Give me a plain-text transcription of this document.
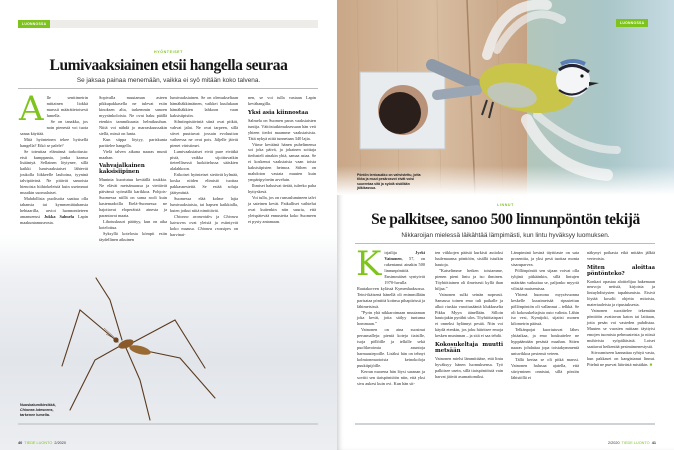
LUONNOSSA
HYÖNTEISET
Lumivaaksiainen etsii hangella seuraa
Se jaksaa painaa menemään, vaikka ei syö mitään koko talvena.
Nuoskalumikirsikkä,
Chionea lutescens,
tarkenee lumella.
40 TIEDE LUONTO 2/2020
A lle senttimetrin mittainen liokkä marssii määrätietoisesti lumella.

Se on tanakka, jos noin pienestä voi tuota sanaa käyttää.

Mitä hyönteinen tekee hytisellä hangella? Eikö se palele?

Se toteuttaa elämänsä tarkoitusta: etsii kumppania, jonka kanssa lisääntyä. Sellainen löytynee, sillä kaikki lumivaaksiaiset lähtevät joukolla liikkeelle lauhoina, tyyninä talvipäivinä. Ne pitävät samoista hienoista hiihtokeleistä kuin useimmat muutkin suomalaiset.

Mahdollisia puolisoita saattaa olla tahansia tai kymmeniätuhansia hehtaarilla, arvioi luonnontieteen amanuenssi Jukka Salmela Lapin maakuntamuseosta.

Sopivalla muutaman asteen pikkupakkasella ne tulevat esiin kinoksen alta, tarkemmin sanoen myyränkoloista. Ne ovat haku päällä etenkin tammikuusta helmikuuhun. Niitä voi nähdä jo marraskuussakin siellä, missä on lunta.

Kun siippa löytyy, pariskunta parittelee hangella.

Vielä talven aikana naaras munii maahan.

Vahvajalkainen kaksisiipinen

Muninta kuoriutuu keväällä toukkia. Ne elävät metsämaassa ja viettävät päivänsä syömällä karikkoa. Pohjois-Suomessa niillä on sama rooli kuin kastemadoilla Etelä-Suomessa: ne hajottavat eloperäistä ainesta ja parantavat maata.

Lihotuskuuri päättyy, kun on aika kotelottua.

Syksyllä kotelosta kömpii esiin täydellinen aikuinen

lumivaaksiainen. Se on olemukseltaan hämähäkkimäinen, vaikkei kuulukaan hämähäkkien lahkoon vaan kaksisiipisiin.

Silmiinpistävintä siinä ovat pitkät, vahvat jalat. Ne ovat tarpeen, sillä siivet puuttuvat: jossain evoluution vaiheessa ne ovat pois. Jäljelle jäivät pienet väristimet.

Lumivaaksiaiset eivät pure eivätkä pistä, vaikka sijoittuvatkin tieteellisessä luokittelussa sääskien alalahkoon.

Erikoiset hyönteiset sietävät kylmää, koska niiden elimistö tuottaa pakkasnestettä. Se estää soluja jäätymästä.

Suomessa elää kolme lajia lumivaaksiaisia, tai hapsen kaikkialla, kuten jotkut niitä nimittävät.

Chionea araneoides ja Chionea lutescens ovat yleisiä ja esiintyvät koko maassa. Chionea crassipes on harvinai-

nen, se voi tulla vastaan Lapin kevähangilla.

Yksi asia kiinnostaa

Salmela on Suomen paras vaaksiaisten tuntija. Väitöstutkimuksessaan hän veti yhteen tiedot maamme vaaksiaisista. Tätä nykyä niitä tunnetaan 340 lajia.

Viime keväänä hänen puhelimensa soi joka päivä, ja jokainen soittaja tiedusteli ainakin yhtä, samaa asiaa. Se ei koskenut vaaksiaisia vaan toista kaksisiipisten heimoa. Siihen on mahdoton vastata muuten kuin ympäripyöreän arveluin.

Ihmiset halusivat tietää, tuleeko paha hyttyskesä.

Voi tulla, jos on runsaslumineen talvi ja sateinen kevät. Paikalliset vaihtelut ovat kuitenkin niin suuria, että yleispätevää ennustetta koko Suomeen ei pysty antamaan.

LUONNOSSA
Pöntön lentoaukko on vahvistettu, jotta tikka ja muut pesärosvot eivät voisi suurentaa sitä ja syödä sisällään jälkikasvua.
LINNUT
Se palkitsee, sanoo 500 linnunpöntön tekijä
Nikkaroijan mielessä läikähtää lämpimästi, kun lintu hyväksyy luomuksen.
2/2020 TIEDE LUONTO 41
K irjailija Jyrki Vainonen, 57, on rakentanut ainakin 500 linnunpönttöä. Ensimmäiset syntyivät 1970-luvulla Rautakorven kylässä Kymenlaaksossa. Teini-ikäisenä hänellä oli enimmillään parisataa pönttöä kotinsa pihapiirissä ja lähimetsissä.

”Pyrin yhä nikkaroimaan muutaman joka kevät, jotta säilyy tuntuma hommaan.”

Vainonen on aina suosinut perusmalleja: pieniä koteja tiaisille, isoja pöllöille ja telkille sekä puolilavoimia asuntoja harmaasiepoille. Lisäksi hän on tehnyt kolmionmuotoisia keinokoloja puukiipijöille.

Kerran nuorena hän löysi saranan ja sovitti sen tiaispönttöön niin, että yksi sivu aukesi kuin ovi. Kun hän sit-

ten viikkojen päästä kurkisti autioksi luulemaansa pönttöön, sisällä istuikin hautoja.

”Katselimme hetken toisiamme, pienen pieni lintu ja iso ihminen. Töyhtötiainen oli ilmeisesti kyllä ihan hiljaa.”

Vainonen sulki seinän nopeasti. Samassa toinen emo tuli paikalle ja alkoi riuskia varoitusääniä klukkuselta Pikku Myyn äänellään. Silloin hautojakin pyrähti ulos. Töyhtötiaispari ei onneksi hylännyt pesää. Niin voi käydä etenkin, jos joku häiritsee emoja kesken muninnan – ja sitä ei saa tehdä.

Kokosukeltaja muutti metsään

Vainonen mielsi lämmittääse, että lintu hyväksyy hänen luomuksensa. Työ palkitsee usein, sillä tiaispöntöistä vain harvat jäävät asumattomiksi.

Lämpiminä kesinä täyttöaste on sata prosenttia, ja yksi pesä tuottaa monta sisaruparvea.

Pöllönpöntöt sen sijaan voivat olla tyhjinä pitkäänkin, sillä lintujen määrään vaikuttaa se, paljonko myyriä vilistää maisemissa.

Yhtenä huonona myyrävuonna keskelle kuusimetsää ripustettun pöllönpöntön oli vallannut – telkkä. Se oli kokosukeltajista outo valinta. Lähin iso vesi, Kymijoki, sijaitsi monen kilometrin päässä.

Telkänpojat kuoriutuvat lähes yhtäaikaa, ja emo houkuttelee ne hyppäämään pesästä maahan. Sitten naaras johdattaa jopa toistakymmentä untuvikkoa pesiensä veteen.

Tällä kertaa se oli pitkä marssi. Vainonen halusaa ajatella, että siirtyminen onnistui, sillä pöntön lähistöllä ei

näkynyt poikasia eikä mitään jälkiä verteoista.

Miten aloittaa pöntönteko?

Konkari opastaa aloittelijaa hakemaan neuvoja netistä, kirjoista ja lintuyhdistysten tapahtumista. Etsivä löytää kosolti ohjeita mitoista, materiaaleista ja ripustuksesta.

Vainonen suosittelee tekemään pönttöön avattavan katon tai laittaan, jotta pesän voi vasteden puhdistaa. Muuten se vuosien mittaan täyttyisi emojen tuomista pehmusteista ja niissä muhivista syöpäläisistä. Loiset saattavat heikentää pesimämenestystä.

Siivoamiseen kannattaa ryhtyä vasta, kun pakkaset on kangistanut linnut. Pitelnä ne puevat läävästä mistäkin. ■
